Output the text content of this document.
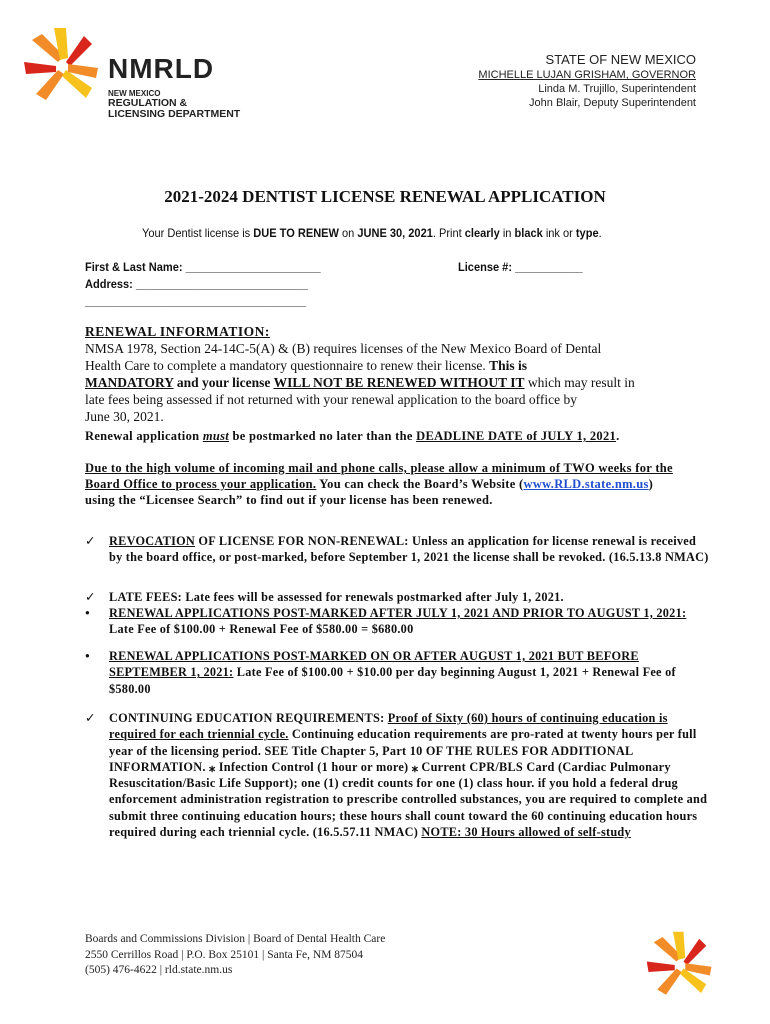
NMRLD
NEW MEXICO
REGULATION &
LICENSING DEPARTMENT
STATE OF NEW MEXICO
MICHELLE LUJAN GRISHAM, GOVERNOR
Linda M. Trujillo, Superintendent
John Blair, Deputy Superintendent
2021-2024 DENTIST LICENSE RENEWAL APPLICATION
Your Dentist license is DUE TO RENEW on JUNE 30, 2021. Print clearly in black ink or type.
First & Last Name: ______________________	License #: ___________
Address: ____________________________
____________________________________
RENEWAL INFORMATION:
NMSA 1978, Section 24-14C-5(A) & (B) requires licenses of the New Mexico Board of Dental
Health Care to complete a mandatory questionnaire to renew their license. This is
MANDATORY and your license WILL NOT BE RENEWED WITHOUT IT which may result in
late fees being assessed if not returned with your renewal application to the board office by
June 30, 2021.
Renewal application must be postmarked no later than the DEADLINE DATE of JULY 1, 2021.
Due to the high volume of incoming mail and phone calls, please allow a minimum of TWO weeks for the Board Office to process your application. You can check the Board’s Website (www.RLD.state.nm.us) using the “Licensee Search” to find out if your license has been renewed.
✓	REVOCATION OF LICENSE FOR NON-RENEWAL: Unless an application for license renewal is received by the board office, or post-marked, before September 1, 2021 the license shall be revoked. (16.5.13.8 NMAC)
✓	LATE FEES: Late fees will be assessed for renewals postmarked after July 1, 2021.
●	RENEWAL APPLICATIONS POST-MARKED AFTER JULY 1, 2021 AND PRIOR TO AUGUST 1, 2021: Late Fee of $100.00 + Renewal Fee of $580.00 = $680.00
●	RENEWAL APPLICATIONS POST-MARKED ON OR AFTER AUGUST 1, 2021 BUT BEFORE SEPTEMBER 1, 2021: Late Fee of $100.00 + $10.00 per day beginning August 1, 2021 + Renewal Fee of $580.00
✓	CONTINUING EDUCATION REQUIREMENTS: Proof of Sixty (60) hours of continuing education is required for each triennial cycle. Continuing education requirements are pro-rated at twenty hours per full year of the licensing period. SEE Title Chapter 5, Part 10 OF THE RULES FOR ADDITIONAL INFORMATION. ⁎ Infection Control (1 hour or more) ⁎ Current CPR/BLS Card (Cardiac Pulmonary Resuscitation/Basic Life Support); one (1) credit counts for one (1) class hour. if you hold a federal drug enforcement administration registration to prescribe controlled substances, you are required to complete and submit three continuing education hours; these hours shall count toward the 60 continuing education hours required during each triennial cycle. (16.5.57.11 NMAC) NOTE: 30 Hours allowed of self-study
Boards and Commissions Division | Board of Dental Health Care
2550 Cerrillos Road | P.O. Box 25101 | Santa Fe, NM 87504
(505) 476-4622 | rld.state.nm.us
